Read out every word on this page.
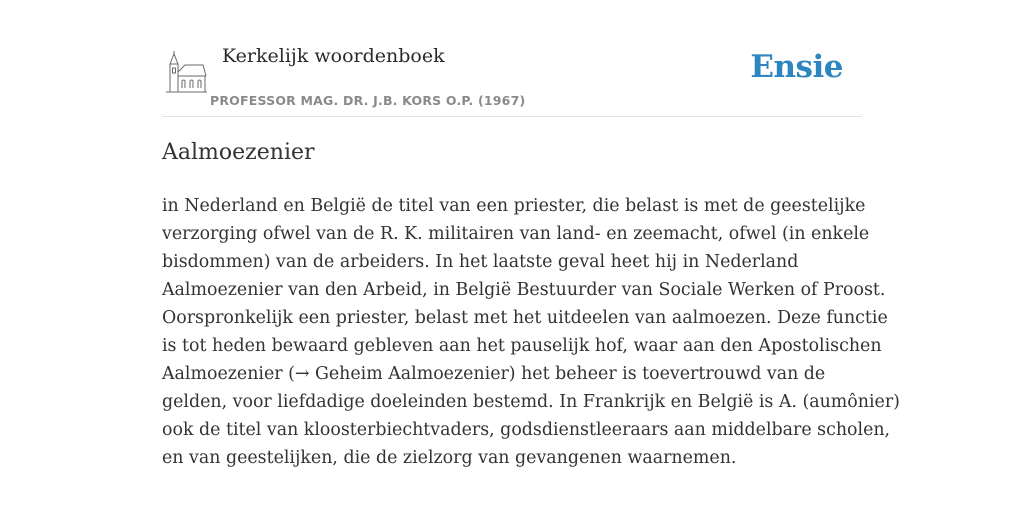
Kerkelijk woordenboek
PROFESSOR MAG. DR. J.B. KORS O.P. (1967)
Ensie
Aalmoezenier
in Nederland en België de titel van een priester, die belast is met de geestelijke
verzorging ofwel van de R. K. militairen van land- en zeemacht, ofwel (in enkele
bisdommen) van de arbeiders. In het laatste geval heet hij in Nederland
Aalmoezenier van den Arbeid, in België Bestuurder van Sociale Werken of Proost.
Oorspronkelijk een priester, belast met het uitdeelen van aalmoezen. Deze functie
is tot heden bewaard gebleven aan het pauselijk hof, waar aan den Apostolischen
Aalmoezenier (→ Geheim Aalmoezenier) het beheer is toevertrouwd van de
gelden, voor liefdadige doeleinden bestemd. In Frankrijk en België is A. (aumônier)
ook de titel van kloosterbiechtvaders, godsdienstleeraars aan middelbare scholen,
en van geestelijken, die de zielzorg van gevangenen waarnemen.
